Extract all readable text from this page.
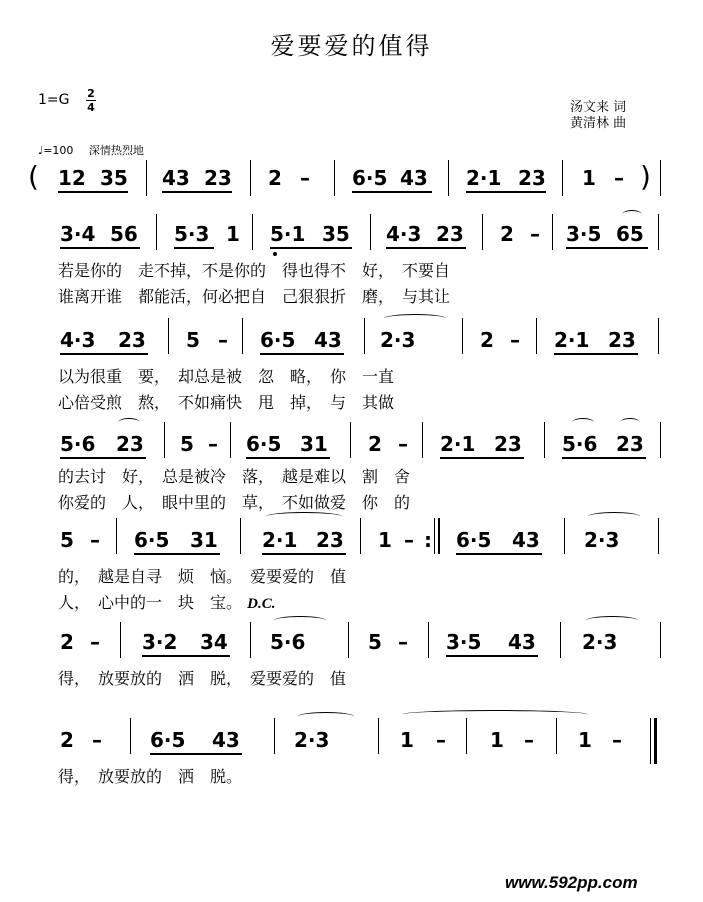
爱要爱的值得
1=G 2
4	汤文来 词
黄清林 曲
♩=100 深情热烈地
( 12 35 43 23 2 – 6·5 43 2·1 23 1 – )
3·4 56 5·3 1 5·1 35 4·3 23 2 – 3·5 65
若是你的　走不掉，不是你的　得也得不　好，　不要自
谁离开谁　都能活，何必把自　己狠狠折　磨，　与其让
4·3 23 5 – 6·5 43 2·3	2 – 2·1 23
以为很重　要，　却总是被　忽　略，　你　一直
心倍受煎　熬，　不如痛快　甩　掉，　与　其做
5·6 23 5 – 6·5 31 2 – 2·1 23 5·6 23
的去讨　好，　总是被冷　落，　越是难以　割　舍
你爱的　人，　眼中里的　草，　不如做爱　你　的
5 – 6·5 31 2·1 23 1 – : 6·5 43 2·3
的，　越是自寻　烦　恼。　爱要爱的　值
人，　心中的一　块　宝。 D.C.
2 – 3·2 34 5·6	5 – 3·5 43 2·3
得，　放要放的　洒　脱，　爱要爱的　值
2 – 6·5 43	2·3	1 – 1 – 1 –
得，　放要放的　洒　脱。
www.592pp.com
